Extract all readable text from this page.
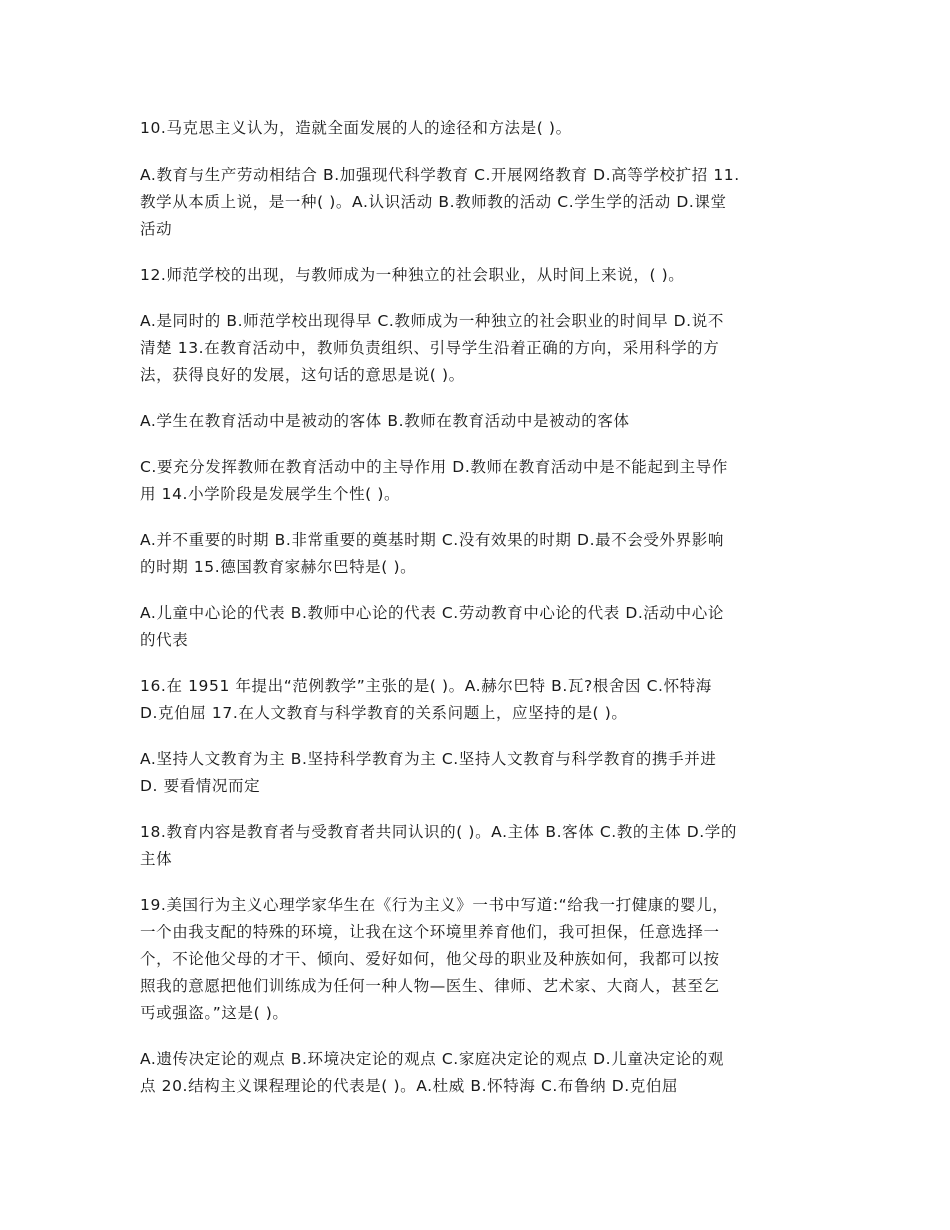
10.马克思主义认为，造就全面发展的人的途径和方法是( )。
A.教育与生产劳动相结合 B.加强现代科学教育 C.开展网络教育 D.高等学校扩招 11.
教学从本质上说，是一种( )。A.认识活动 B.教师教的活动 C.学生学的活动 D.课堂
活动
12.师范学校的出现，与教师成为一种独立的社会职业，从时间上来说，( )。
A.是同时的 B.师范学校出现得早 C.教师成为一种独立的社会职业的时间早 D.说不
清楚 13.在教育活动中，教师负责组织、引导学生沿着正确的方向，采用科学的方
法，获得良好的发展，这句话的意思是说( )。
A.学生在教育活动中是被动的客体 B.教师在教育活动中是被动的客体
C.要充分发挥教师在教育活动中的主导作用 D.教师在教育活动中是不能起到主导作
用 14.小学阶段是发展学生个性( )。
A.并不重要的时期 B.非常重要的奠基时期 C.没有效果的时期 D.最不会受外界影响
的时期 15.德国教育家赫尔巴特是( )。
A.儿童中心论的代表 B.教师中心论的代表 C.劳动教育中心论的代表 D.活动中心论
的代表
16.在 1951 年提出“范例教学”主张的是( )。A.赫尔巴特 B.瓦?根舍因 C.怀特海
D.克伯屈 17.在人文教育与科学教育的关系问题上，应坚持的是( )。
A.坚持人文教育为主 B.坚持科学教育为主 C.坚持人文教育与科学教育的携手并进
D. 要看情况而定
18.教育内容是教育者与受教育者共同认识的( )。A.主体 B.客体 C.教的主体 D.学的
主体
19.美国行为主义心理学家华生在《行为主义》一书中写道:“给我一打健康的婴儿，
一个由我支配的特殊的环境，让我在这个环境里养育他们，我可担保，任意选择一
个，不论他父母的才干、倾向、爱好如何，他父母的职业及种族如何，我都可以按
照我的意愿把他们训练成为任何一种人物—医生、律师、艺术家、大商人，甚至乞
丐或强盗。”这是( )。
A.遗传决定论的观点 B.环境决定论的观点 C.家庭决定论的观点 D.儿童决定论的观
点 20.结构主义课程理论的代表是( )。A.杜威 B.怀特海 C.布鲁纳 D.克伯屈
